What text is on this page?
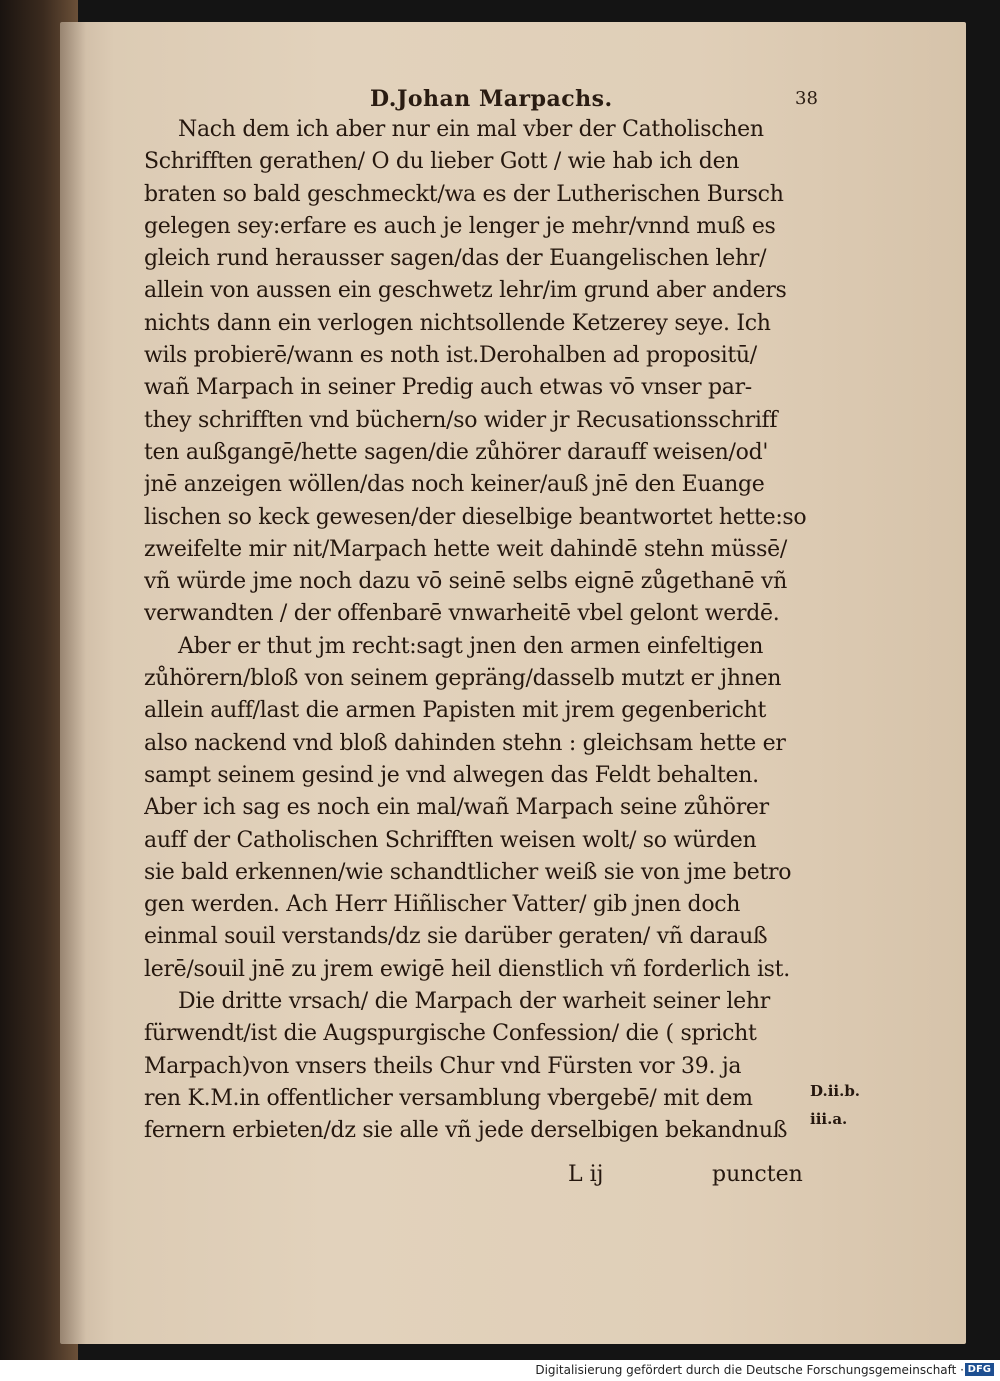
D.Johan Marpachs.	38
Nach dem ich aber nur ein mal vber der Catholischen
Schrifften gerathen/ O du lieber Gott / wie hab ich den
braten so bald geschmeckt/wa es der Lutherischen Bursch
gelegen sey:erfare es auch je lenger je mehr/vnnd muß es
gleich rund herausser sagen/das der Euangelischen lehr/
allein von aussen ein geschwetz lehr/im grund aber anders
nichts dann ein verlogen nichtsollende Ketzerey seye. Ich
wils probierē/wann es noth ist.Derohalben ad propositū/
wañ Marpach in seiner Predig auch etwas vō vnser par-
they schrifften vnd büchern/so wider jr Recusationsschriff
ten außgangē/hette sagen/die zůhörer darauff weisen/od'
jnē anzeigen wöllen/das noch keiner/auß jnē den Euange
lischen so keck gewesen/der dieselbige beantwortet hette:so
zweifelte mir nit/Marpach hette weit dahindē stehn müssē/
vñ würde jme noch dazu vō seinē selbs eignē zůgethanē vñ
verwandten / der offenbarē vnwarheitē vbel gelont werdē.
Aber er thut jm recht:sagt jnen den armen einfeltigen
zůhörern/bloß von seinem gepräng/dasselb mutzt er jhnen
allein auff/last die armen Papisten mit jrem gegenbericht
also nackend vnd bloß dahinden stehn : gleichsam hette er
sampt seinem gesind je vnd alwegen das Feldt behalten.
Aber ich sag es noch ein mal/wañ Marpach seine zůhörer
auff der Catholischen Schrifften weisen wolt/ so würden
sie bald erkennen/wie schandtlicher weiß sie von jme betro
gen werden. Ach Herr Hiñlischer Vatter/ gib jnen doch
einmal souil verstands/dz sie darüber geraten/ vñ darauß
lerē/souil jnē zu jrem ewigē heil dienstlich vñ forderlich ist.
Die dritte vrsach/ die Marpach der warheit seiner lehr
fürwendt/ist die Augspurgische Confession/ die ( spricht
Marpach)von vnsers theils Chur vnd Fürsten vor 39. ja
ren K.M.in offentlicher versamblung vbergebē/ mit dem
fernern erbieten/dz sie alle vñ jede derselbigen bekandnuß
D.ii.b.
iii.a.
L ij	puncten
Digitalisierung gefördert durch die Deutsche Forschungsgemeinschaft · DFG
